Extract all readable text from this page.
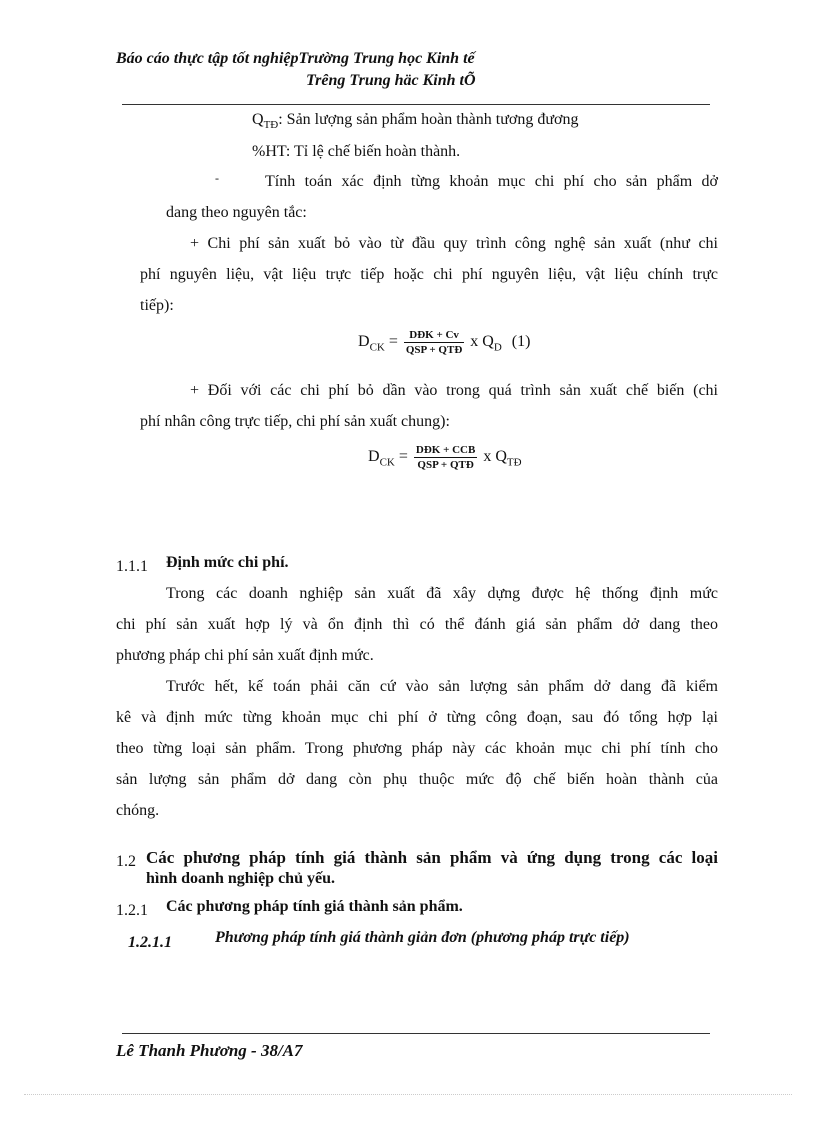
Báo cáo thực tập tốt nghiệpTrường Trung học Kinh tế
Trêng Trung häc Kinh tÕ
$Q_{TĐ}$: Sản lượng sản phẩm hoàn thành tương đương
%HT: Tỉ lệ chế biến hoàn thành.
-	Tính toán xác định từng khoản mục chi phí cho sản phẩm dở
dang theo nguyên tắc:
+ Chi phí sản xuất bỏ vào từ đầu quy trình công nghệ sản xuất (như chi
phí nguyên liệu, vật liệu trực tiếp hoặc chi phí nguyên liệu, vật liệu chính trực
tiếp):
$D_{CK} = \frac{\text{DĐK + Cv}}{\text{QSP + QTĐ}}$ x $Q_D$ (1)
+ Đối với các chi phí bỏ dần vào trong quá trình sản xuất chế biến (chi
phí nhân công trực tiếp, chi phí sản xuất chung):
$D_{CK} = \frac{\text{DĐK + CCB}}{\text{QSP + QTĐ}}$ x $Q_{TĐ}$
1.1.1 Định mức chi phí.
Trong các doanh nghiệp sản xuất đã xây dựng được hệ thống định mức
chi phí sản xuất hợp lý và ổn định thì có thể đánh giá sản phẩm dở dang theo
phương pháp chi phí sản xuất định mức.
Trước hết, kế toán phải căn cứ vào sản lượng sản phẩm dở dang đã kiểm
kê và định mức từng khoản mục chi phí ở từng công đoạn, sau đó tổng hợp lại
theo từng loại sản phẩm. Trong phương pháp này các khoản mục chi phí tính cho
sản lượng sản phẩm dở dang còn phụ thuộc mức độ chế biến hoàn thành của
chóng.
1.2 Các phương pháp tính giá thành sản phẩm và ứng dụng trong các loại
hình doanh nghiệp chủ yếu.
1.2.1 Các phương pháp tính giá thành sản phẩm.
1.2.1.1	Phương pháp tính giá thành giản đơn (phương pháp trực tiếp)
Lê Thanh Phương - 38/A7
